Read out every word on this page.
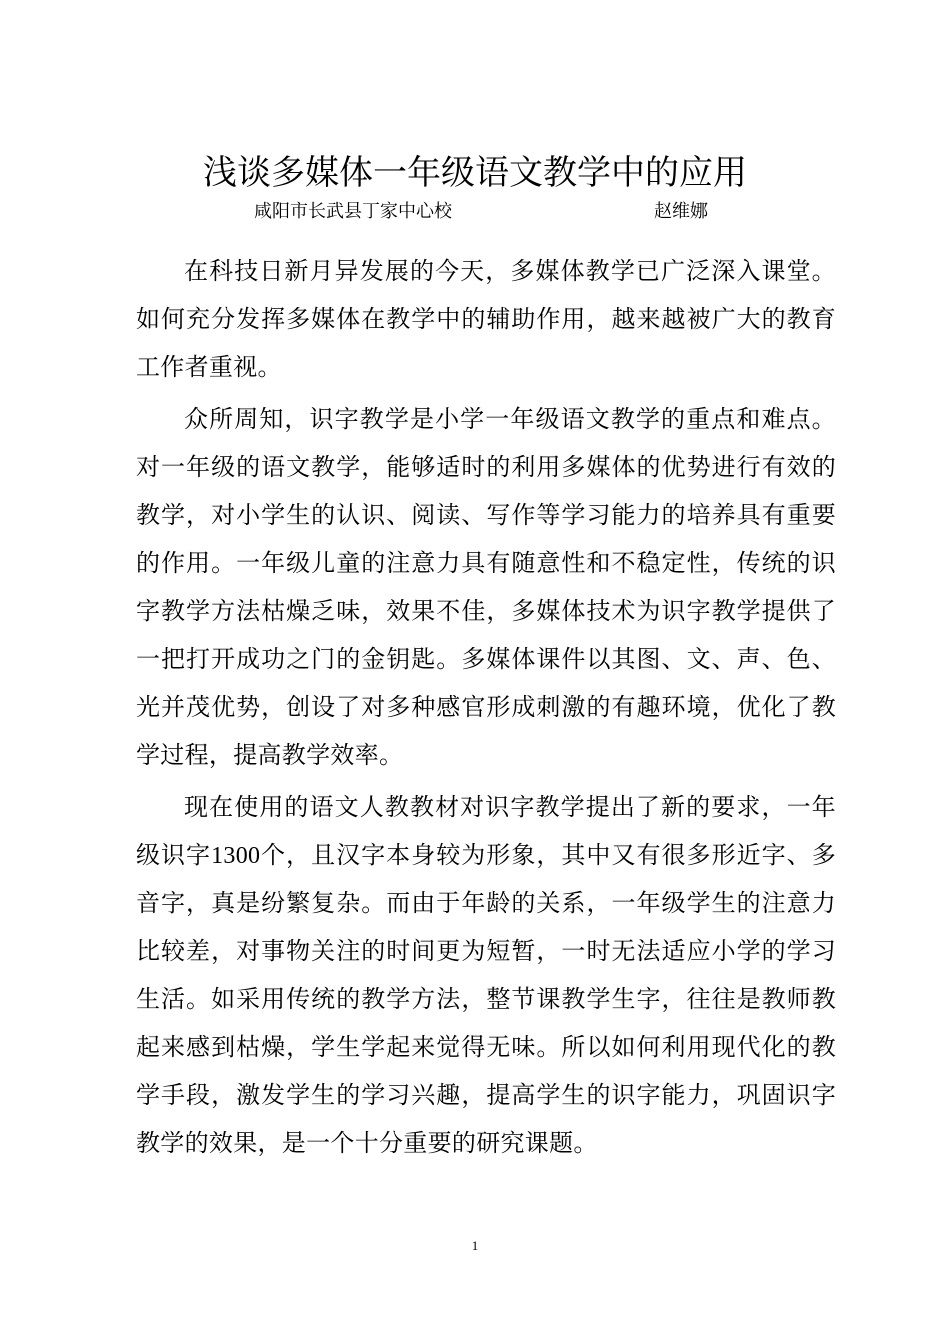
浅谈多媒体一年级语文教学中的应用
咸阳市长武县丁家中心校	赵维娜

在科技日新月异发展的今天，多媒体教学已广泛深入课堂。如何充分发挥多媒体在教学中的辅助作用，越来越被广大的教育工作者重视。

众所周知，识字教学是小学一年级语文教学的重点和难点。对一年级的语文教学，能够适时的利用多媒体的优势进行有效的教学，对小学生的认识、阅读、写作等学习能力的培养具有重要的作用。一年级儿童的注意力具有随意性和不稳定性，传统的识字教学方法枯燥乏味，效果不佳，多媒体技术为识字教学提供了一把打开成功之门的金钥匙。多媒体课件以其图、文、声、色、光并茂优势，创设了对多种感官形成刺激的有趣环境，优化了教学过程，提高教学效率。

现在使用的语文人教教材对识字教学提出了新的要求，一年级识字1300个，且汉字本身较为形象，其中又有很多形近字、多音字，真是纷繁复杂。而由于年龄的关系，一年级学生的注意力比较差，对事物关注的时间更为短暂，一时无法适应小学的学习生活。如采用传统的教学方法，整节课教学生字，往往是教师教起来感到枯燥，学生学起来觉得无味。所以如何利用现代化的教学手段，激发学生的学习兴趣，提高学生的识字能力，巩固识字教学的效果，是一个十分重要的研究课题。

1
